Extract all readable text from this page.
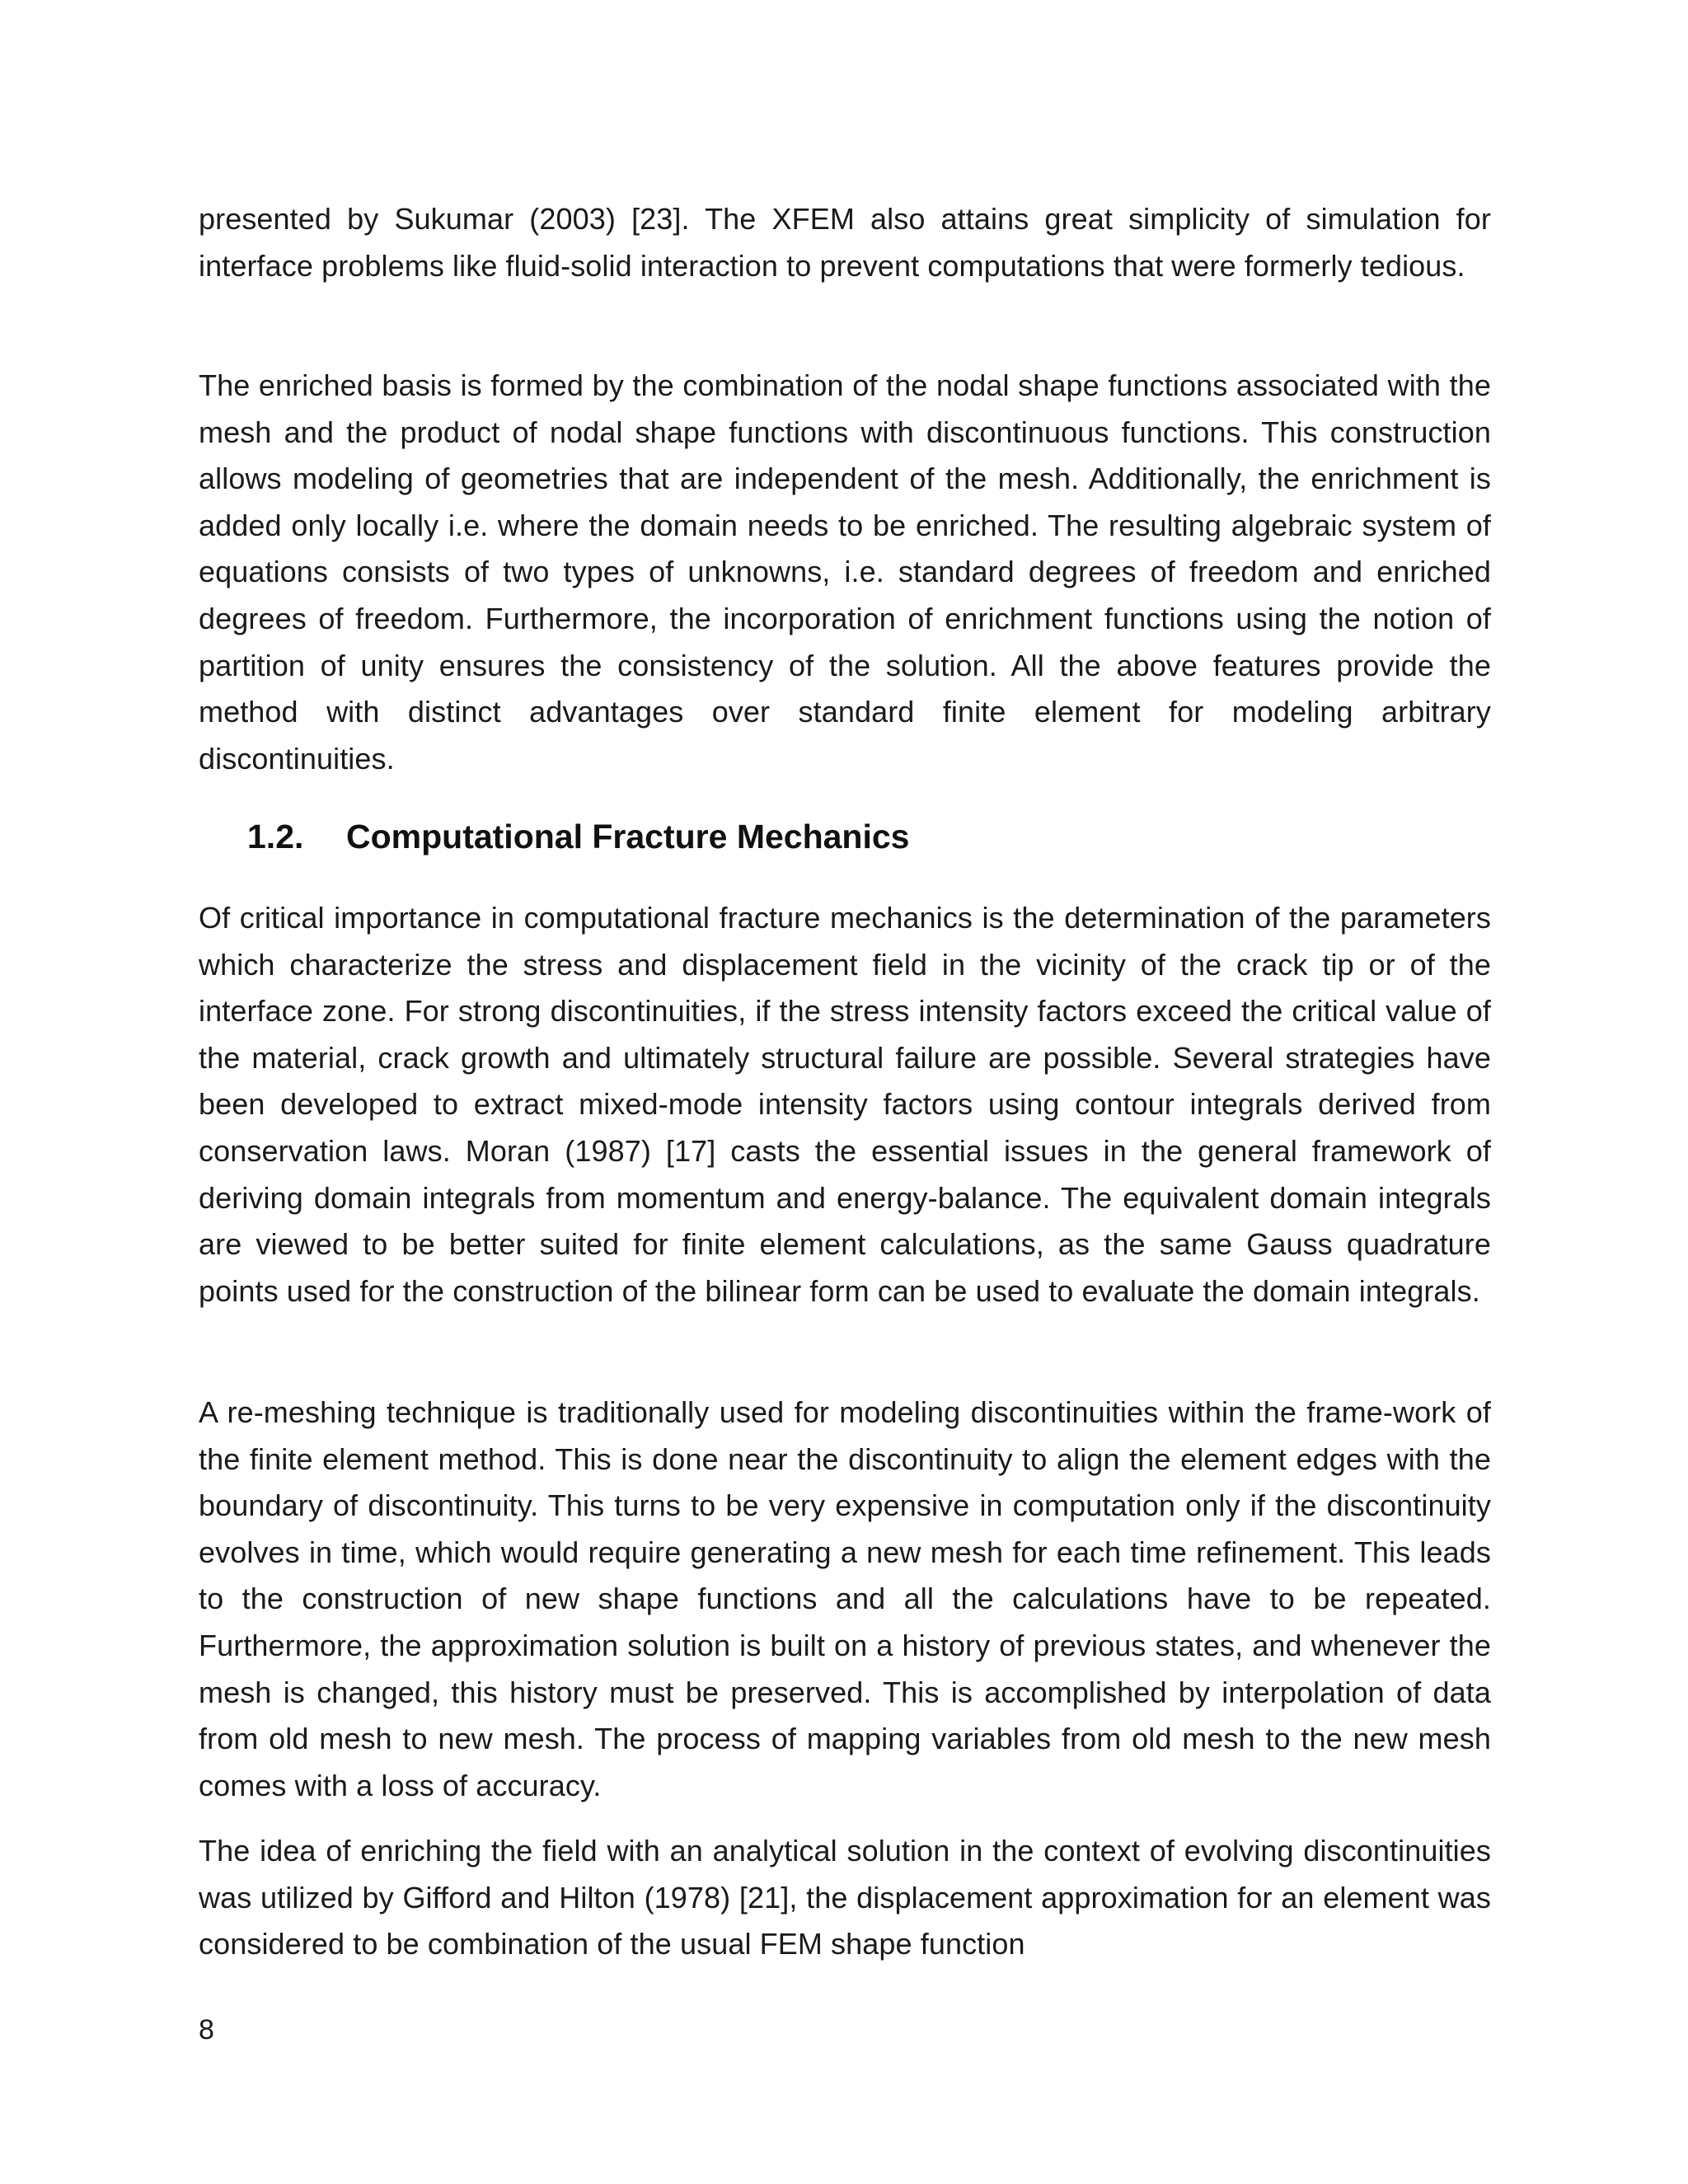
presented by Sukumar (2003) [23]. The XFEM also attains great simplicity of simulation for interface problems like fluid-solid interaction to prevent computations that were formerly tedious.

The enriched basis is formed by the combination of the nodal shape functions associated with the mesh and the product of nodal shape functions with discontinuous functions. This construction allows modeling of geometries that are independent of the mesh. Additionally, the enrichment is added only locally i.e. where the domain needs to be enriched. The resulting algebraic system of equations consists of two types of unknowns, i.e. standard degrees of freedom and enriched degrees of freedom. Furthermore, the incorporation of enrichment functions using the notion of partition of unity ensures the consistency of the solution. All the above features provide the method with distinct advantages over standard finite element for modeling arbitrary discontinuities.

1.2. Computational Fracture Mechanics

Of critical importance in computational fracture mechanics is the determination of the parameters which characterize the stress and displacement field in the vicinity of the crack tip or of the interface zone. For strong discontinuities, if the stress intensity factors exceed the critical value of the material, crack growth and ultimately structural failure are possible. Several strategies have been developed to extract mixed-mode intensity factors using contour integrals derived from conservation laws. Moran (1987) [17] casts the essential issues in the general framework of deriving domain integrals from momentum and energy-balance. The equivalent domain integrals are viewed to be better suited for finite element calculations, as the same Gauss quadrature points used for the construction of the bilinear form can be used to evaluate the domain integrals.

A re-meshing technique is traditionally used for modeling discontinuities within the frame-work of the finite element method. This is done near the discontinuity to align the element edges with the boundary of discontinuity. This turns to be very expensive in computation only if the discontinuity evolves in time, which would require generating a new mesh for each time refinement. This leads to the construction of new shape functions and all the calculations have to be repeated. Furthermore, the approximation solution is built on a history of previous states, and whenever the mesh is changed, this history must be preserved. This is accomplished by interpolation of data from old mesh to new mesh. The process of mapping variables from old mesh to the new mesh comes with a loss of accuracy.

The idea of enriching the field with an analytical solution in the context of evolving discontinuities was utilized by Gifford and Hilton (1978) [21], the displacement approximation for an element was considered to be combination of the usual FEM shape function

8
